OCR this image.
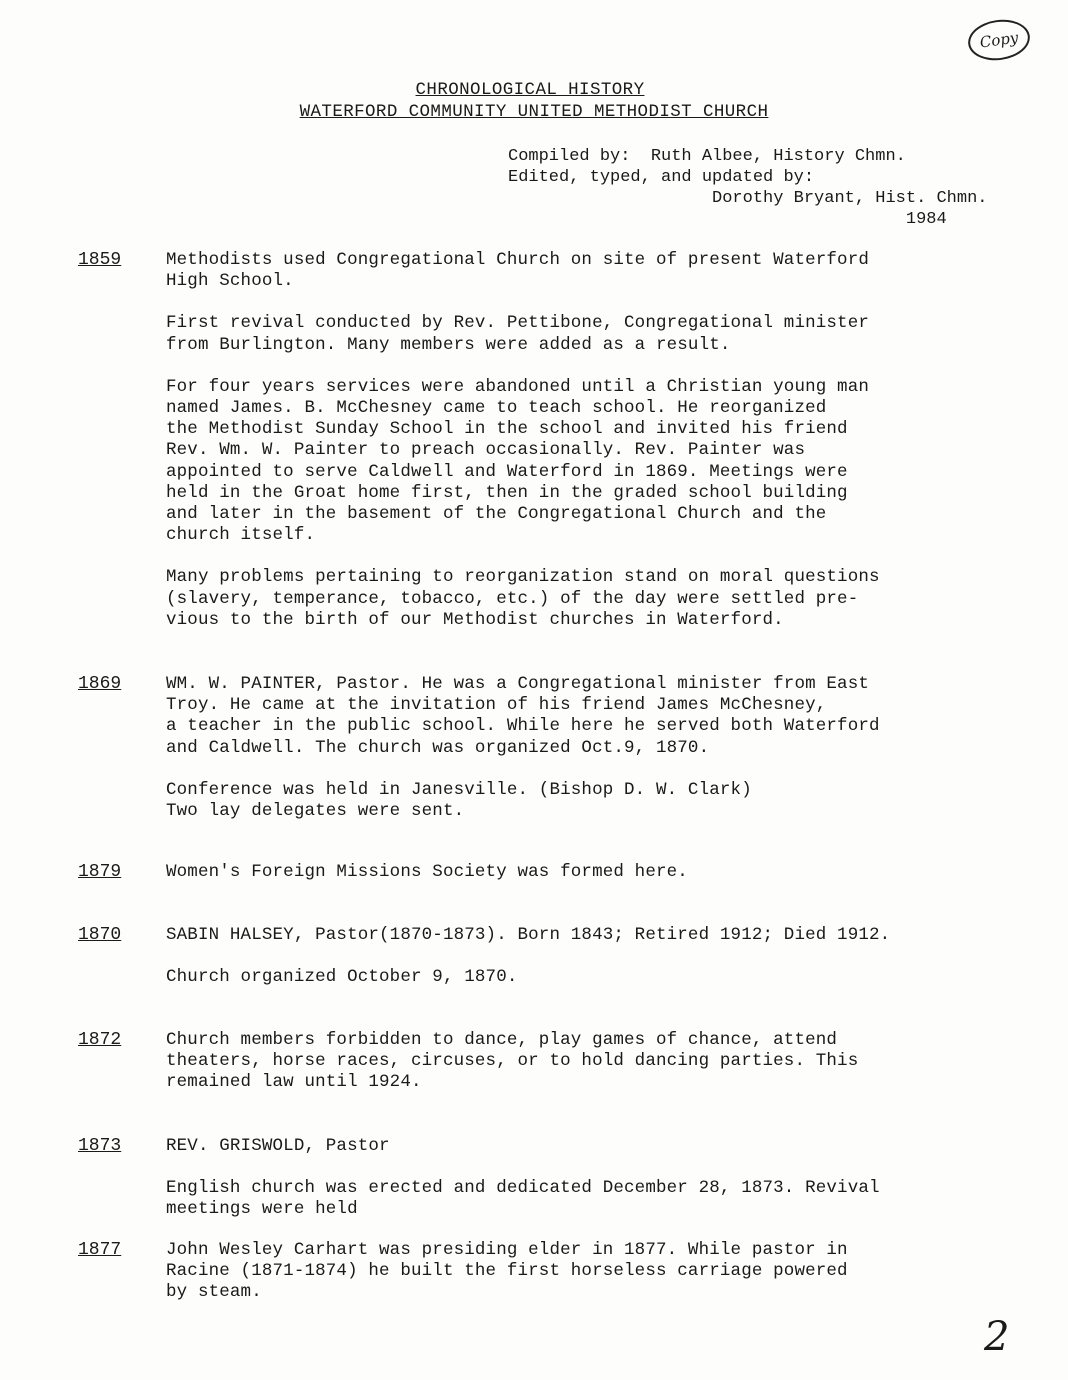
Copy
CHRONOLOGICAL HISTORY
WATERFORD COMMUNITY UNITED METHODIST CHURCH
Compiled by:  Ruth Albee, History Chmn.
Edited, typed, and updated by:
Dorothy Bryant, Hist. Chmn.
1984
1859	Methodists used Congregational Church on site of present Waterford
High School.

First revival conducted by Rev. Pettibone, Congregational minister
from Burlington. Many members were added as a result.

For four years services were abandoned until a Christian young man
named James. B. McChesney came to teach school. He reorganized
the Methodist Sunday School in the school and invited his friend
Rev. Wm. W. Painter to preach occasionally. Rev. Painter was
appointed to serve Caldwell and Waterford in 1869. Meetings were
held in the Groat home first, then in the graded school building
and later in the basement of the Congregational Church and the
church itself.

Many problems pertaining to reorganization stand on moral questions
(slavery, temperance, tobacco, etc.) of the day were settled pre-
vious to the birth of our Methodist churches in Waterford.

1869	WM. W. PAINTER, Pastor. He was a Congregational minister from East
Troy. He came at the invitation of his friend James McChesney,
a teacher in the public school. While here he served both Waterford
and Caldwell. The church was organized Oct.9, 1870.

Conference was held in Janesville. (Bishop D. W. Clark)
Two lay delegates were sent.

1879	Women's Foreign Missions Society was formed here.

1870	SABIN HALSEY, Pastor(1870-1873). Born 1843; Retired 1912; Died 1912.

Church organized October 9, 1870.

1872	Church members forbidden to dance, play games of chance, attend
theaters, horse races, circuses, or to hold dancing parties. This
remained law until 1924.

1873	REV. GRISWOLD, Pastor

English church was erected and dedicated December 28, 1873. Revival
meetings were held

1877	John Wesley Carhart was presiding elder in 1877. While pastor in
Racine (1871-1874) he built the first horseless carriage powered
by steam.

2
